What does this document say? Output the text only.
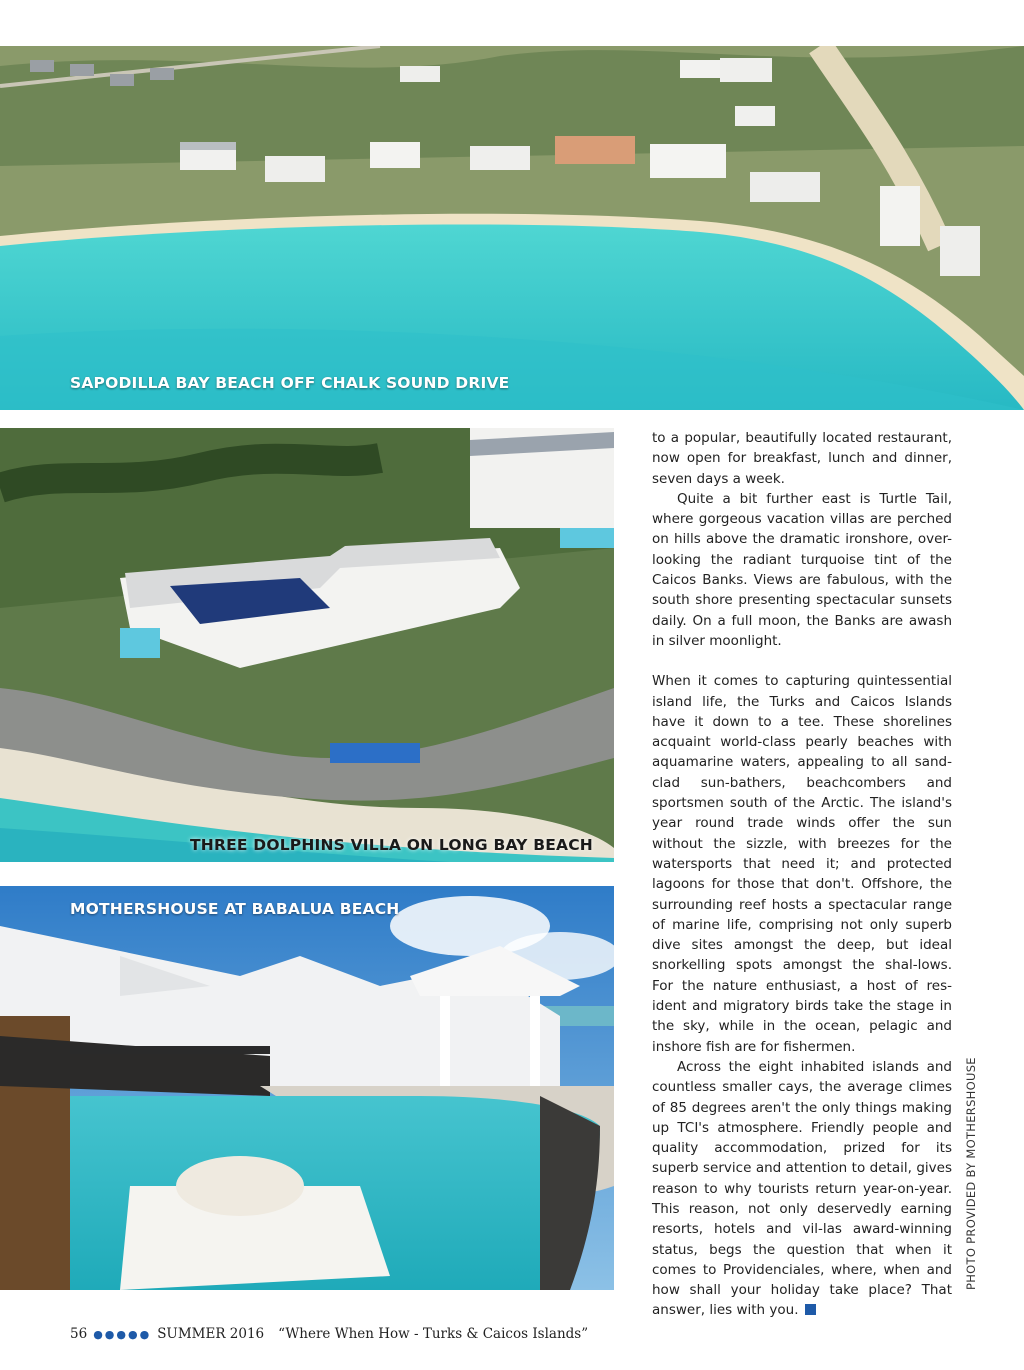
SAPODILLA BAY BEACH OFF CHALK SOUND DRIVE
THREE DOLPHINS VILLA ON LONG BAY BEACH
MOTHERSHOUSE AT BABALUA BEACH

to a popular, beautifully located restaurant, now open for breakfast, lunch and dinner, seven days a week.

Quite a bit further east is Turtle Tail, where gorgeous vacation villas are perched on hills above the dramatic ironshore, over-looking the radiant turquoise tint of the Caicos Banks. Views are fabulous, with the south shore presenting spectacular sunsets daily. On a full moon, the Banks are awash in silver moonlight.

When it comes to capturing quintessential island life, the Turks and Caicos Islands have it down to a tee. These shorelines acquaint world-class pearly beaches with aquamarine waters, appealing to all sand-clad sun-bathers, beachcombers and sportsmen south of the Arctic. The island's year round trade winds offer the sun without the sizzle, with breezes for the watersports that need it; and protected lagoons for those that don't. Offshore, the surrounding reef hosts a spectacular range of marine life, comprising not only superb dive sites amongst the deep, but ideal snorkelling spots amongst the shal-lows. For the nature enthusiast, a host of res-ident and migratory birds take the stage in the sky, while in the ocean, pelagic and inshore fish are for fishermen.

Across the eight inhabited islands and countless smaller cays, the average climes of 85 degrees aren't the only things making up TCI's atmosphere. Friendly people and quality accommodation, prized for its superb service and attention to detail, gives reason to why tourists return year-on-year. This reason, not only deservedly earning resorts, hotels and vil-las award-winning status, begs the question that when it comes to Providenciales, where, when and how shall your holiday take place? That answer, lies with you.

PHOTO PROVIDED BY MOTHERSHOUSE
56 ●●●●● SUMMER 2016 “Where When How - Turks & Caicos Islands”
